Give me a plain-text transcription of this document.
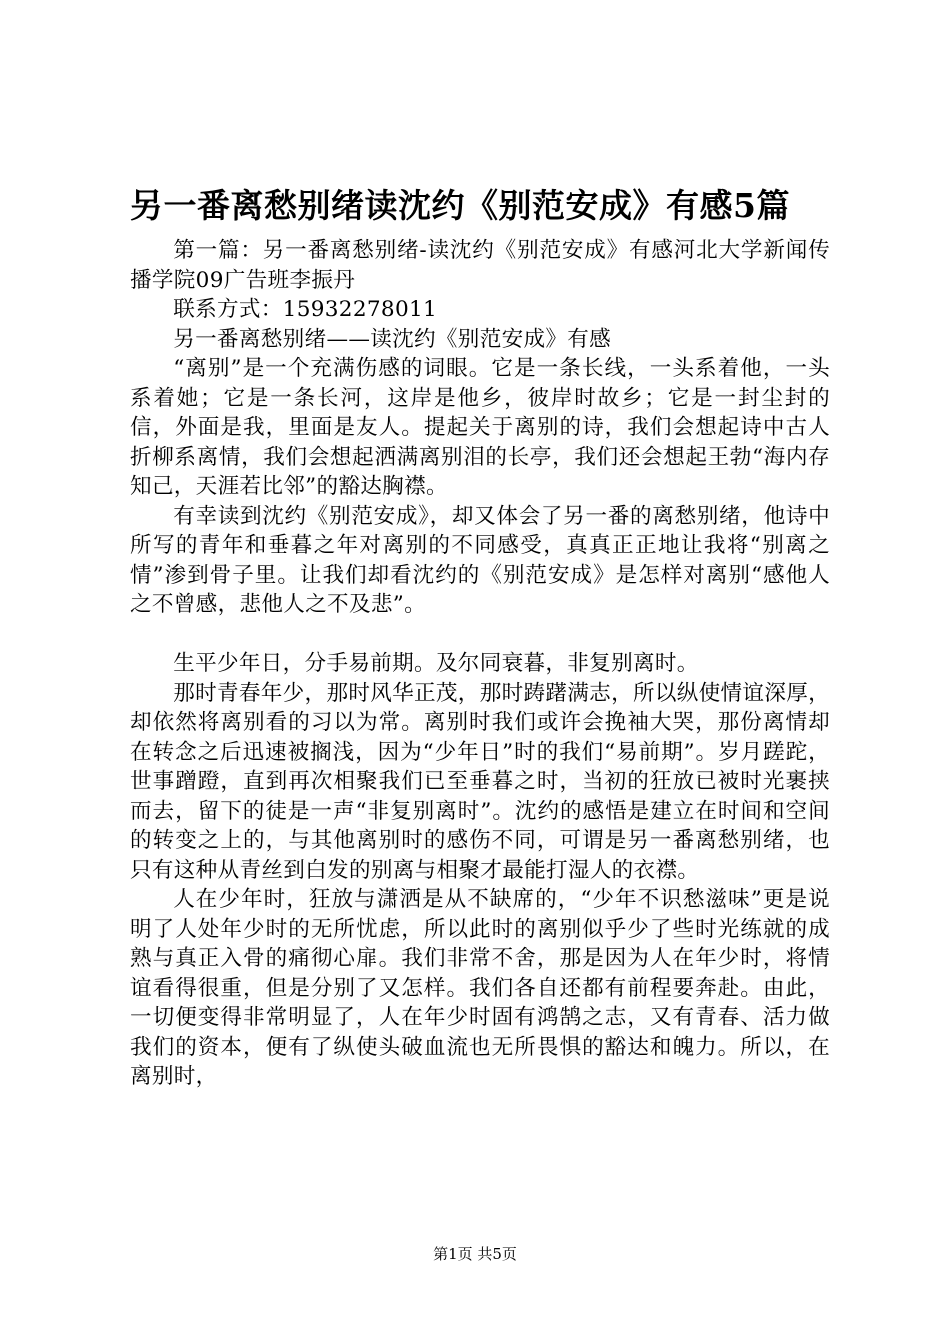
另一番离愁别绪读沈约《别范安成》有感5篇

第一篇：另一番离愁别绪-读沈约《别范安成》有感河北大学新闻传播学院09广告班李振丹

联系方式：15932278011

另一番离愁别绪——读沈约《别范安成》有感

“离别”是一个充满伤感的词眼。它是一条长线，一头系着他，一头系着她；它是一条长河，这岸是他乡，彼岸时故乡；它是一封尘封的信，外面是我，里面是友人。提起关于离别的诗，我们会想起诗中古人折柳系离情，我们会想起洒满离别泪的长亭，我们还会想起王勃“海内存知己，天涯若比邻”的豁达胸襟。

有幸读到沈约《别范安成》，却又体会了另一番的离愁别绪，他诗中所写的青年和垂暮之年对离别的不同感受，真真正正地让我将“别离之情”渗到骨子里。让我们却看沈约的《别范安成》是怎样对离别“感他人之不曾感，悲他人之不及悲”。

生平少年日，分手易前期。及尔同衰暮，非复别离时。

那时青春年少，那时风华正茂，那时踌躇满志，所以纵使情谊深厚，却依然将离别看的习以为常。离别时我们或许会挽袖大哭，那份离情却在转念之后迅速被搁浅，因为“少年日”时的我们“易前期”。岁月蹉跎，世事蹭蹬，直到再次相聚我们已至垂暮之时，当初的狂放已被时光裹挟而去，留下的徒是一声“非复别离时”。沈约的感悟是建立在时间和空间的转变之上的，与其他离别时的感伤不同，可谓是另一番离愁别绪，也只有这种从青丝到白发的别离与相聚才最能打湿人的衣襟。

人在少年时，狂放与潇洒是从不缺席的，“少年不识愁滋味”更是说明了人处年少时的无所忧虑，所以此时的离别似乎少了些时光练就的成熟与真正入骨的痛彻心扉。我们非常不舍，那是因为人在年少时，将情谊看得很重，但是分别了又怎样。我们各自还都有前程要奔赴。由此，一切便变得非常明显了，人在年少时固有鸿鹄之志，又有青春、活力做我们的资本，便有了纵使头破血流也无所畏惧的豁达和魄力。所以，在离别时，

第1页 共5页
